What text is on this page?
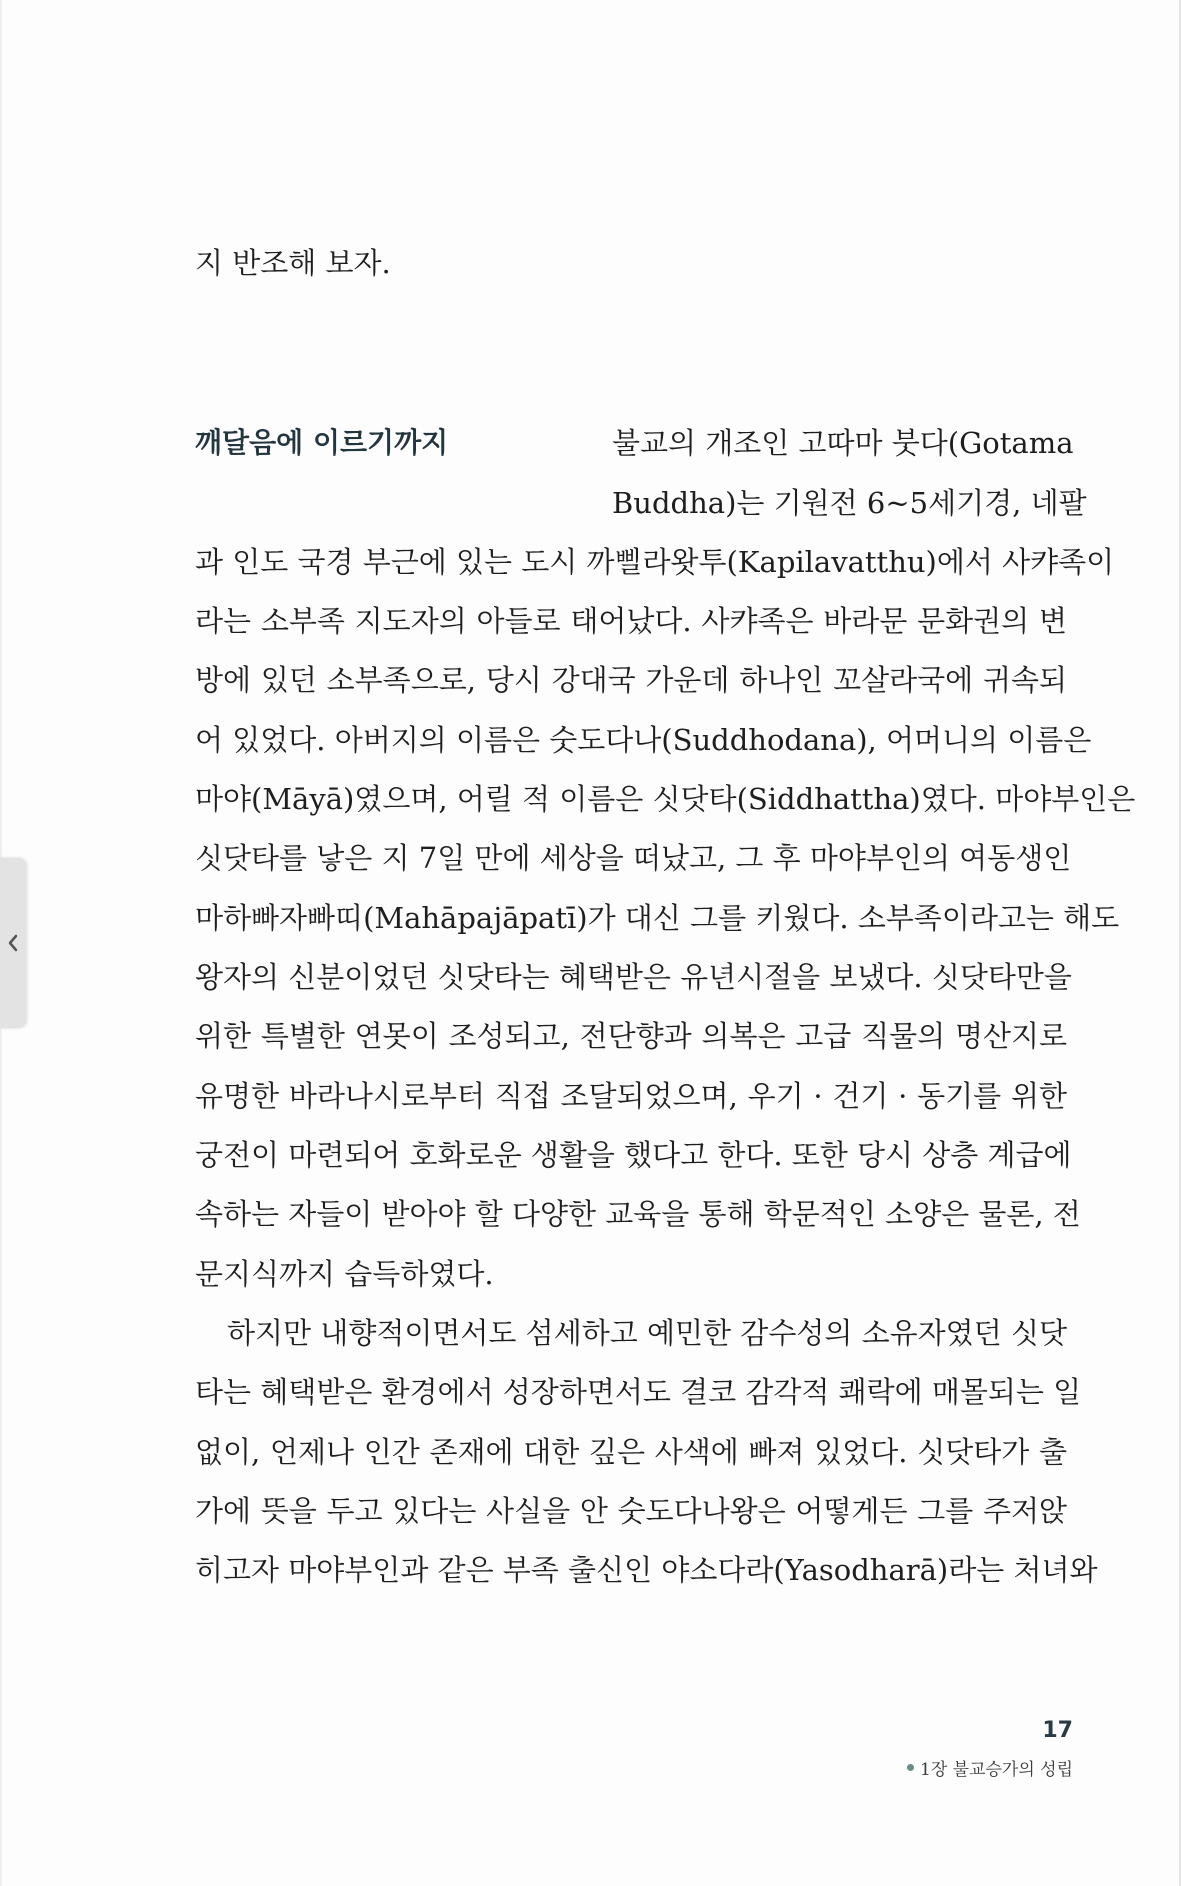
지 반조해 보자.
깨달음에 이르기까지	불교의 개조인 고따마 붓다(Gotama
Buddha)는 기원전 6~5세기경, 네팔
과 인도 국경 부근에 있는 도시 까삘라왓투(Kapilavatthu)에서 사캬족이
라는 소부족 지도자의 아들로 태어났다. 사캬족은 바라문 문화권의 변
방에 있던 소부족으로, 당시 강대국 가운데 하나인 꼬살라국에 귀속되
어 있었다. 아버지의 이름은 숫도다나(Suddhodana), 어머니의 이름은
마야(Māyā)였으며, 어릴 적 이름은 싯닷타(Siddhattha)였다. 마야부인은
싯닷타를 낳은 지 7일 만에 세상을 떠났고, 그 후 마야부인의 여동생인
마하빠자빠띠(Mahāpajāpatī)가 대신 그를 키웠다. 소부족이라고는 해도
왕자의 신분이었던 싯닷타는 혜택받은 유년시절을 보냈다. 싯닷타만을
위한 특별한 연못이 조성되고, 전단향과 의복은 고급 직물의 명산지로
유명한 바라나시로부터 직접 조달되었으며, 우기 · 건기 · 동기를 위한
궁전이 마련되어 호화로운 생활을 했다고 한다. 또한 당시 상층 계급에
속하는 자들이 받아야 할 다양한 교육을 통해 학문적인 소양은 물론, 전
문지식까지 습득하였다.
하지만 내향적이면서도 섬세하고 예민한 감수성의 소유자였던 싯닷
타는 혜택받은 환경에서 성장하면서도 결코 감각적 쾌락에 매몰되는 일
없이, 언제나 인간 존재에 대한 깊은 사색에 빠져 있었다. 싯닷타가 출
가에 뜻을 두고 있다는 사실을 안 숫도다나왕은 어떻게든 그를 주저앉
히고자 마야부인과 같은 부족 출신인 야소다라(Yasodharā)라는 처녀와
17
1장 불교승가의 성립
